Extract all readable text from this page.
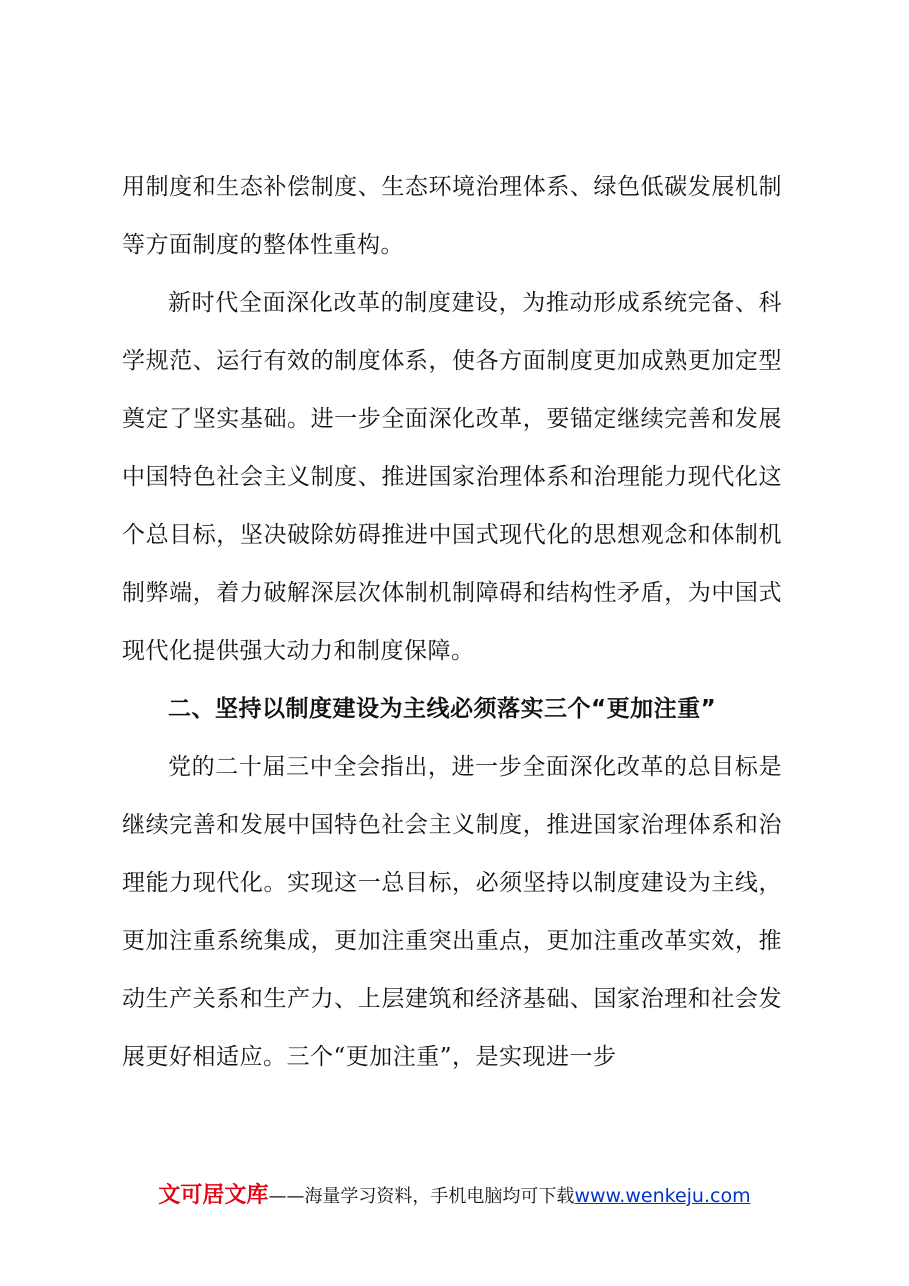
用制度和生态补偿制度、生态环境治理体系、绿色低碳发展机制等方面制度的整体性重构。

新时代全面深化改革的制度建设，为推动形成系统完备、科学规范、运行有效的制度体系，使各方面制度更加成熟更加定型奠定了坚实基础。进一步全面深化改革，要锚定继续完善和发展中国特色社会主义制度、推进国家治理体系和治理能力现代化这个总目标，坚决破除妨碍推进中国式现代化的思想观念和体制机制弊端，着力破解深层次体制机制障碍和结构性矛盾，为中国式现代化提供强大动力和制度保障。

二、坚持以制度建设为主线必须落实三个“更加注重”

党的二十届三中全会指出，进一步全面深化改革的总目标是继续完善和发展中国特色社会主义制度，推进国家治理体系和治理能力现代化。实现这一总目标，必须坚持以制度建设为主线，更加注重系统集成，更加注重突出重点，更加注重改革实效，推动生产关系和生产力、上层建筑和经济基础、国家治理和社会发展更好相适应。三个“更加注重”，是实现进一步

文可居文库——海量学习资料，手机电脑均可下载www.wenkeju.com
